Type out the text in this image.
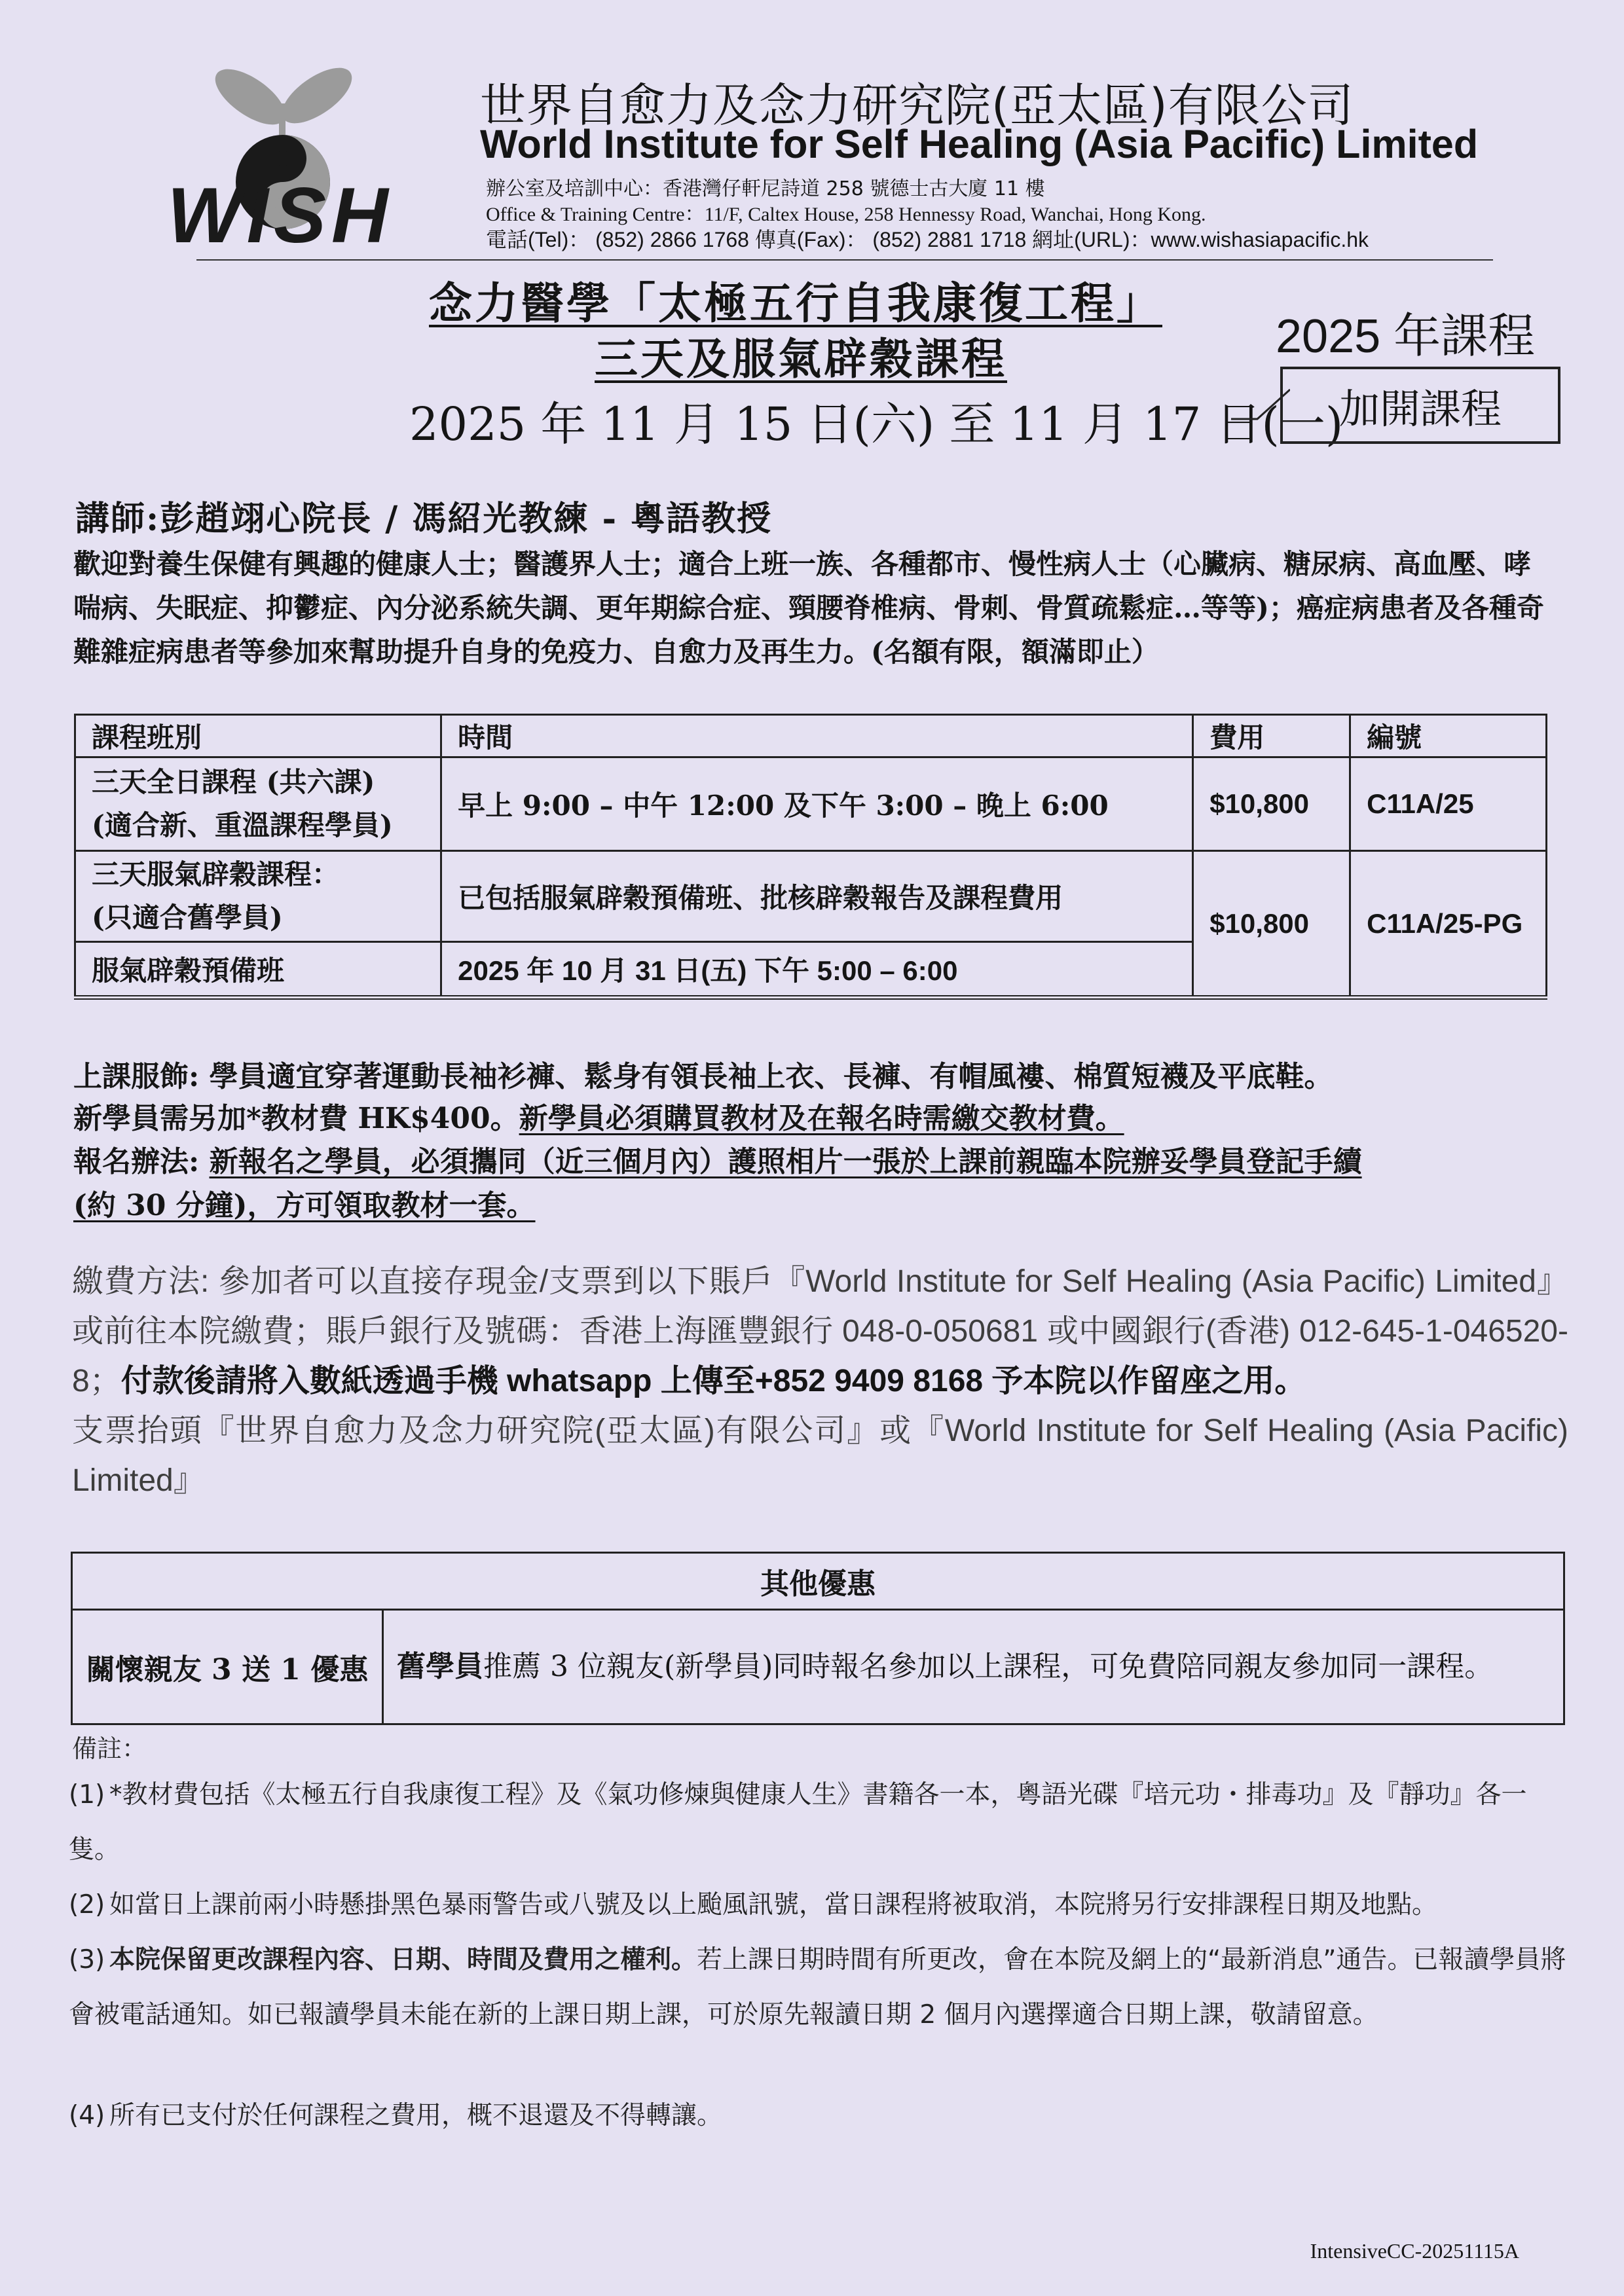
WISH
世界自愈力及念力研究院(亞太區)有限公司
World Institute for Self Healing (Asia Pacific) Limited
辦公室及培訓中心：香港灣仔軒尼詩道 258 號德士古大廈 11 樓
Office & Training Centre：11/F, Caltex House, 258 Hennessy Road, Wanchai, Hong Kong.
電話(Tel)： (852) 2866 1768 傳真(Fax)： (852) 2881 1718 網址(URL)：www.wishasiapacific.hk
念力醫學「太極五行自我康復工程」
三天及服氣辟穀課程	2025 年課程
2025 年 11 月 15 日(六) 至 11 月 17 日(一)
加開課程
講師:彭趙翊心院長 / 馮紹光教練 - 粵語教授
歡迎對養生保健有興趣的健康人士；醫護界人士；適合上班一族、各種都市、慢性病人士（心臟病、糖尿病、高血壓、哮喘病、失眠症、抑鬱症、內分泌系統失調、更年期綜合症、頸腰脊椎病、骨刺、骨質疏鬆症…等等)；癌症病患者及各種奇難雜症病患者等參加來幫助提升自身的免疫力、自愈力及再生力。(名額有限，額滿即止）
課程班別	時間	費用	編號

三天全日課程 (共六課)
(適合新、重溫課程學員)	早上 9:00 – 中午 12:00 及下午 3:00 – 晚上 6:00	$10,800	C11A/25

三天服氣辟穀課程：
(只適合舊學員)	已包括服氣辟穀預備班、批核辟穀報告及課程費用	$10,800	C11A/25-PG
服氣辟穀預備班	2025 年 10 月 31 日(五) 下午 5:00 – 6:00		
上課服飾: 學員適宜穿著運動長袖衫褲、鬆身有領長袖上衣、長褲、有帽風褸、棉質短襪及平底鞋。
新學員需另加*教材費 HK$400。新學員必須購買教材及在報名時需繳交教材費。
報名辦法: 新報名之學員，必須攜同（近三個月內）護照相片一張於上課前親臨本院辦妥學員登記手續
(約 30 分鐘)，方可領取教材一套。
繳費方法: 參加者可以直接存現金/支票到以下賬戶『World Institute for Self Healing (Asia Pacific) Limited』或前往本院繳費；賬戶銀行及號碼：香港上海匯豐銀行 048-0-050681 或中國銀行(香港) 012-645-1-046520-8；付款後請將入數紙透過手機 whatsapp 上傳至+852 9409 8168 予本院以作留座之用。
支票抬頭『世界自愈力及念力研究院(亞太區)有限公司』或『World Institute for Self Healing (Asia Pacific) Limited』
其他優惠
關懷親友 3 送 1 優惠	舊學員推薦 3 位親友(新學員)同時報名參加以上課程，可免費陪同親友參加同一課程。
備註：
(1) *教材費包括《太極五行自我康復工程》及《氣功修煉與健康人生》書籍各一本，粵語光碟『培元功・排毒功』及『靜功』各一隻。
(2) 如當日上課前兩小時懸掛黑色暴雨警告或八號及以上颱風訊號，當日課程將被取消，本院將另行安排課程日期及地點。
(3) 本院保留更改課程內容、日期、時間及費用之權利。若上課日期時間有所更改，會在本院及網上的“最新消息”通告。已報讀學員將會被電話通知。如已報讀學員未能在新的上課日期上課，可於原先報讀日期 2 個月內選擇適合日期上課，敬請留意。
(4) 所有已支付於任何課程之費用，概不退還及不得轉讓。
IntensiveCC-20251115A
